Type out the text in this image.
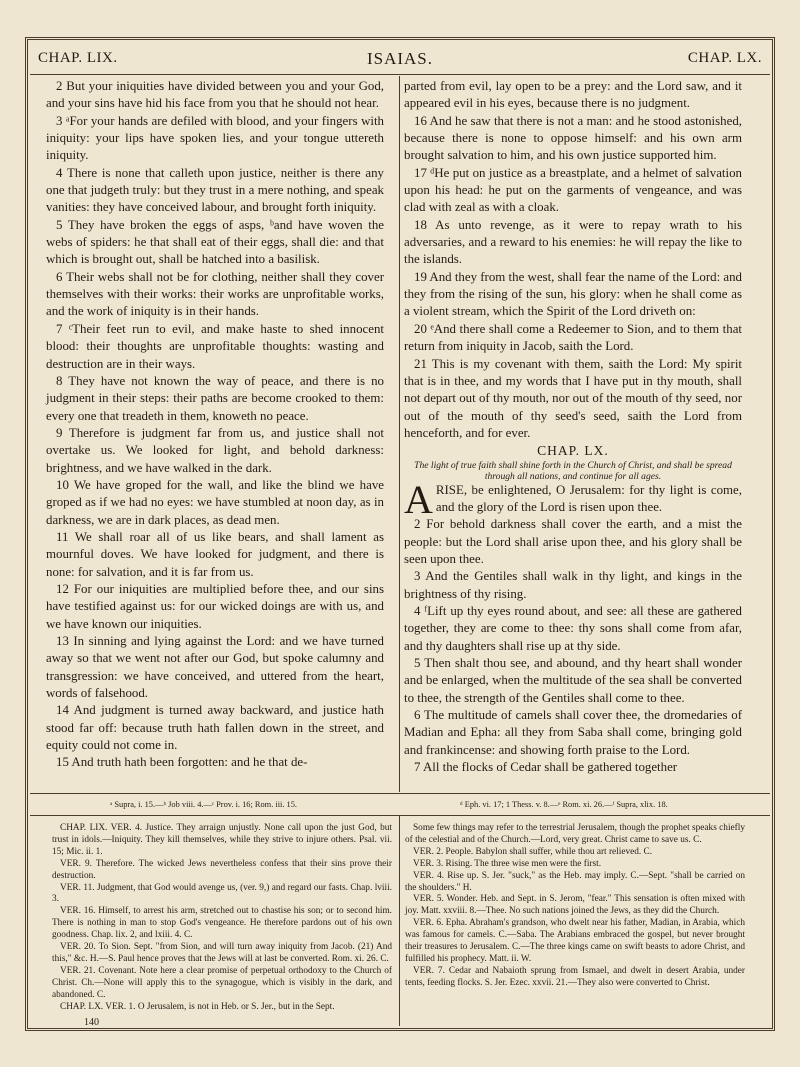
CHAP. LIX.	ISAIAS.	CHAP. LX.

2 But your iniquities have divided between you and your God, and your sins have hid his face from you that he should not hear.

3 ᵃFor your hands are defiled with blood, and your fingers with iniquity: your lips have spoken lies, and your tongue uttereth iniquity.

4 There is none that calleth upon justice, neither is there any one that judgeth truly: but they trust in a mere nothing, and speak vanities: they have conceived labour, and brought forth iniquity.

5 They have broken the eggs of asps, ᵇand have woven the webs of spiders: he that shall eat of their eggs, shall die: and that which is brought out, shall be hatched into a basilisk.

6 Their webs shall not be for clothing, neither shall they cover themselves with their works: their works are unprofitable works, and the work of iniquity is in their hands.

7 ᶜTheir feet run to evil, and make haste to shed innocent blood: their thoughts are unprofitable thoughts: wasting and destruction are in their ways.

8 They have not known the way of peace, and there is no judgment in their steps: their paths are become crooked to them: every one that treadeth in them, knoweth no peace.

9 Therefore is judgment far from us, and justice shall not overtake us. We looked for light, and behold darkness: brightness, and we have walked in the dark.

10 We have groped for the wall, and like the blind we have groped as if we had no eyes: we have stumbled at noon day, as in darkness, we are in dark places, as dead men.

11 We shall roar all of us like bears, and shall lament as mournful doves. We have looked for judgment, and there is none: for salvation, and it is far from us.

12 For our iniquities are multiplied before thee, and our sins have testified against us: for our wicked doings are with us, and we have known our iniquities.

13 In sinning and lying against the Lord: and we have turned away so that we went not after our God, but spoke calumny and transgression: we have conceived, and uttered from the heart, words of falsehood.

14 And judgment is turned away backward, and justice hath stood far off: because truth hath fallen down in the street, and equity could not come in.

15 And truth hath been forgotten: and he that de-

parted from evil, lay open to be a prey: and the Lord saw, and it appeared evil in his eyes, because there is no judgment.

16 And he saw that there is not a man: and he stood astonished, because there is none to oppose himself: and his own arm brought salvation to him, and his own justice supported him.

17 ᵈHe put on justice as a breastplate, and a helmet of salvation upon his head: he put on the garments of vengeance, and was clad with zeal as with a cloak.

18 As unto revenge, as it were to repay wrath to his adversaries, and a reward to his enemies: he will repay the like to the islands.

19 And they from the west, shall fear the name of the Lord: and they from the rising of the sun, his glory: when he shall come as a violent stream, which the Spirit of the Lord driveth on:

20 ᵉAnd there shall come a Redeemer to Sion, and to them that return from iniquity in Jacob, saith the Lord.

21 This is my covenant with them, saith the Lord: My spirit that is in thee, and my words that I have put in thy mouth, shall not depart out of thy mouth, nor out of the mouth of thy seed, nor out of the mouth of thy seed's seed, saith the Lord from henceforth, and for ever.

CHAP. LX.

The light of true faith shall shine forth in the Church of Christ, and shall be spread through all nations, and continue for all ages.

ARISE, be enlightened, O Jerusalem: for thy light is come, and the glory of the Lord is risen upon thee.

2 For behold darkness shall cover the earth, and a mist the people: but the Lord shall arise upon thee, and his glory shall be seen upon thee.

3 And the Gentiles shall walk in thy light, and kings in the brightness of thy rising.

4 ᶠLift up thy eyes round about, and see: all these are gathered together, they are come to thee: thy sons shall come from afar, and thy daughters shall rise up at thy side.

5 Then shalt thou see, and abound, and thy heart shall wonder and be enlarged, when the multitude of the sea shall be converted to thee, the strength of the Gentiles shall come to thee.

6 The multitude of camels shall cover thee, the dromedaries of Madian and Epha: all they from Saba shall come, bringing gold and frankincense: and showing forth praise to the Lord.

7 All the flocks of Cedar shall be gathered together

ᵃ Supra, i. 15.—ᵇ Job viii. 4.—ᶜ Prov. i. 16; Rom. iii. 15.	ᵈ Eph. vi. 17; 1 Thess. v. 8.—ᵉ Rom. xi. 26.—ᶠ Supra, xlix. 18.

CHAP. LIX. VER. 4. Justice. They arraign unjustly. None call upon the just God, but trust in idols.—Iniquity. They kill themselves, while they strive to injure others. Psal. vii. 15; Mic. ii. 1.

VER. 9. Therefore. The wicked Jews nevertheless confess that their sins prove their destruction.

VER. 11. Judgment, that God would avenge us, (ver. 9,) and regard our fasts. Chap. lviii. 3.

VER. 16. Himself, to arrest his arm, stretched out to chastise his son; or to second him. There is nothing in man to stop God's vengeance. He therefore pardons out of his own goodness. Chap. lix. 2, and lxiii. 4. C.

VER. 20. To Sion. Sept. "from Sion, and will turn away iniquity from Jacob. (21) And this," &c. H.—S. Paul hence proves that the Jews will at last be converted. Rom. xi. 26. C.

VER. 21. Covenant. Note here a clear promise of perpetual orthodoxy to the Church of Christ. Ch.—None will apply this to the synagogue, which is visibly in the dark, and abandoned. C.

CHAP. LX. VER. 1. O Jerusalem, is not in Heb. or S. Jer., but in the Sept.

Some few things may refer to the terrestrial Jerusalem, though the prophet speaks chiefly of the celestial and of the Church.—Lord, very great. Christ came to save us. C.

VER. 2. People. Babylon shall suffer, while thou art relieved. C.

VER. 3. Rising. The three wise men were the first.

VER. 4. Rise up. S. Jer. "suck," as the Heb. may imply. C.—Sept. "shall be carried on the shoulders." H.

VER. 5. Wonder. Heb. and Sept. in S. Jerom, "fear." This sensation is often mixed with joy. Matt. xxviii. 8.—Thee. No such nations joined the Jews, as they did the Church.

VER. 6. Epha. Abraham's grandson, who dwelt near his father, Madian, in Arabia, which was famous for camels. C.—Saba. The Arabians embraced the gospel, but never brought their treasures to Jerusalem. C.—The three kings came on swift beasts to adore Christ, and fulfilled his prophecy. Matt. ii. W.

VER. 7. Cedar and Nabaioth sprung from Ismael, and dwelt in desert Arabia, under tents, feeding flocks. S. Jer. Ezec. xxvii. 21.—They also were converted to Christ.

140
